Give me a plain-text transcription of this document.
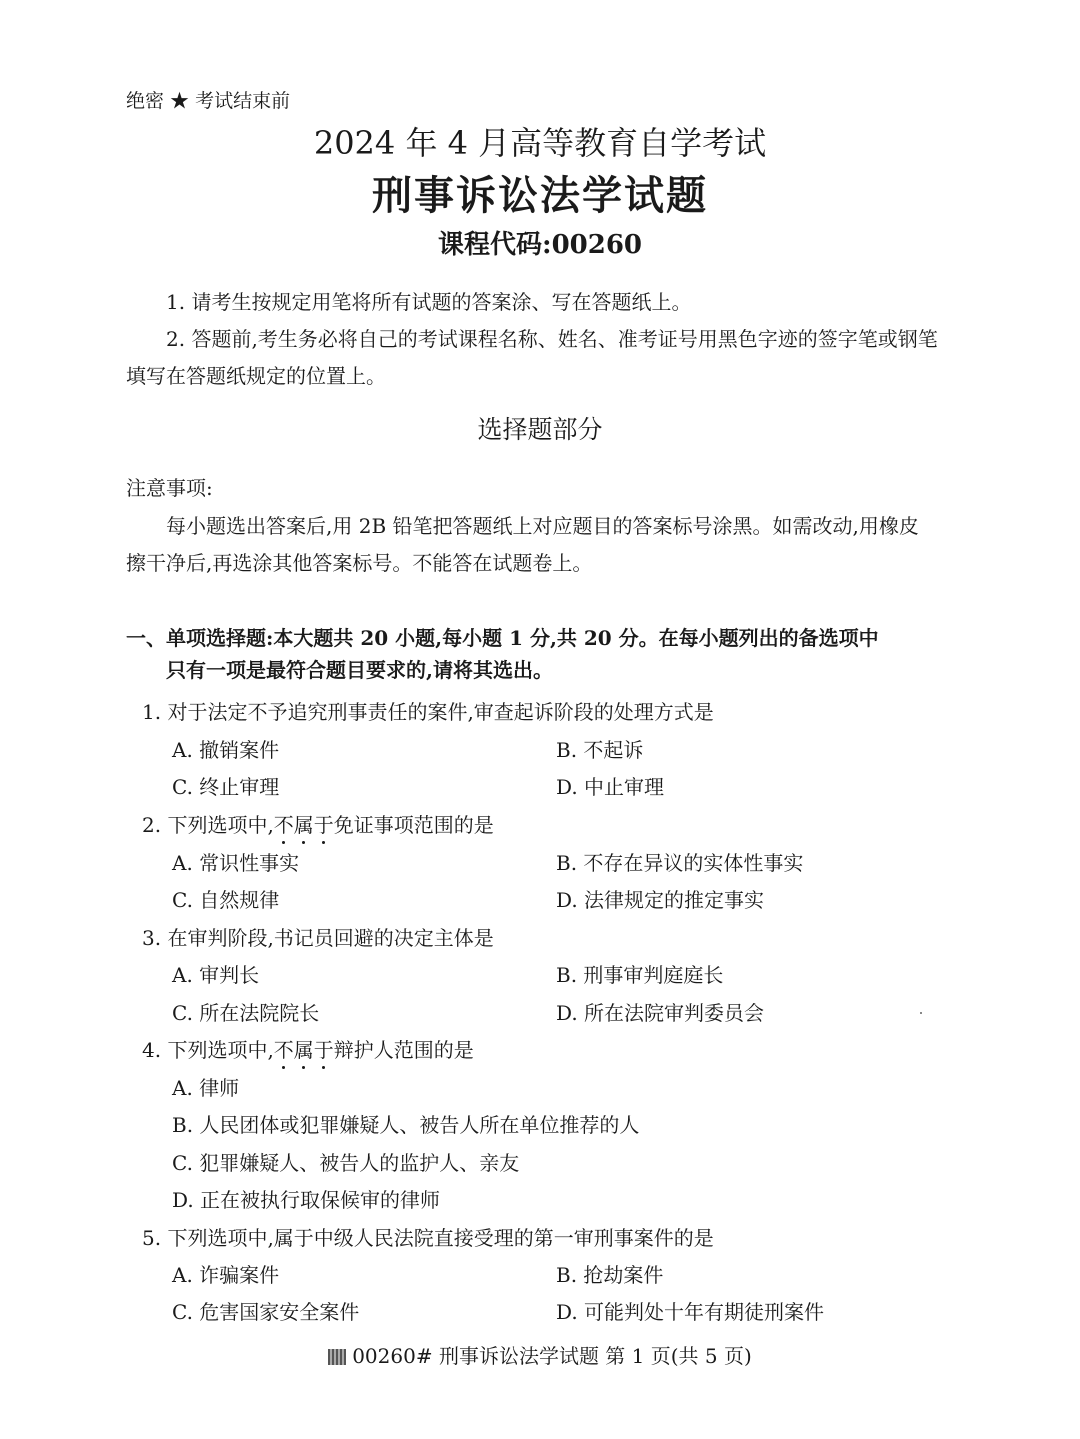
绝密 ★ 考试结束前
2024 年 4 月高等教育自学考试
刑事诉讼法学试题
课程代码:00260
1. 请考生按规定用笔将所有试题的答案涂、写在答题纸上。
2. 答题前,考生务必将自己的考试课程名称、姓名、准考证号用黑色字迹的签字笔或钢笔
填写在答题纸规定的位置上。
选择题部分
注意事项:
每小题选出答案后,用 2B 铅笔把答题纸上对应题目的答案标号涂黑。如需改动,用橡皮
擦干净后,再选涂其他答案标号。不能答在试题卷上。
一、单项选择题:本大题共 20 小题,每小题 1 分,共 20 分。在每小题列出的备选项中
只有一项是最符合题目要求的,请将其选出。
1. 对于法定不予追究刑事责任的案件,审查起诉阶段的处理方式是
A. 撤销案件	B. 不起诉
C. 终止审理	D. 中止审理
2. 下列选项中,不属于免证事项范围的是
A. 常识性事实	B. 不存在异议的实体性事实
C. 自然规律	D. 法律规定的推定事实
3. 在审判阶段,书记员回避的决定主体是
A. 审判长	B. 刑事审判庭庭长
C. 所在法院院长	D. 所在法院审判委员会
4. 下列选项中,不属于辩护人范围的是
A. 律师
B. 人民团体或犯罪嫌疑人、被告人所在单位推荐的人
C. 犯罪嫌疑人、被告人的监护人、亲友
D. 正在被执行取保候审的律师
5. 下列选项中,属于中级人民法院直接受理的第一审刑事案件的是
A. 诈骗案件	B. 抢劫案件
C. 危害国家安全案件	D. 可能判处十年有期徒刑案件
00260# 刑事诉讼法学试题 第 1 页(共 5 页)
